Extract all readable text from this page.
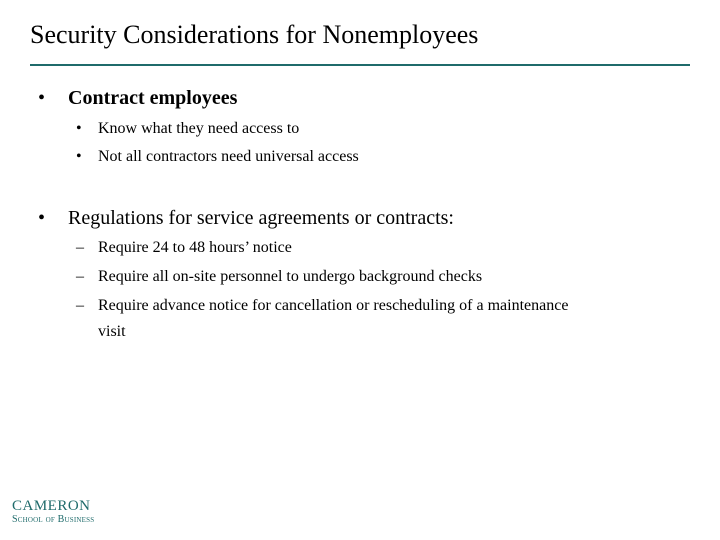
Security Considerations for Nonemployees
• Contract employees
• Know what they need access to
• Not all contractors need universal access
• Regulations for service agreements or contracts:
– Require 24 to 48 hours’ notice
– Require all on-site personnel to undergo background checks
– Require advance notice for cancellation or rescheduling of a maintenance visit
CAMERON
School of Business
